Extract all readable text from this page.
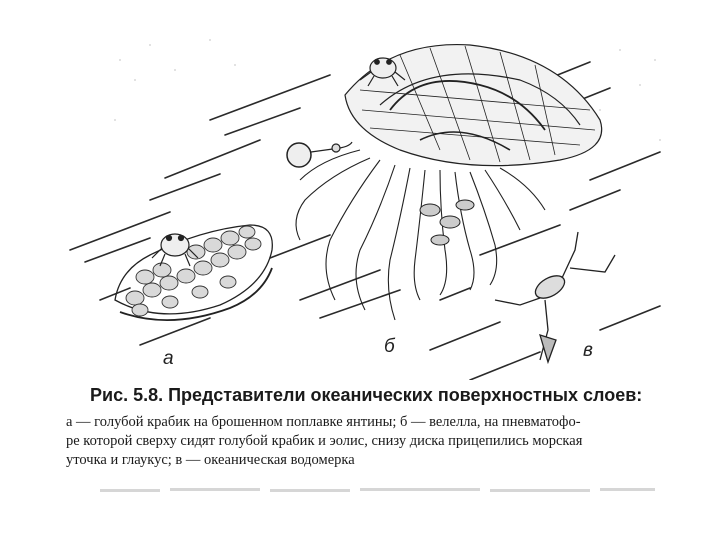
а
б	в
Рис. 5.8. Представители океанических поверхностных слоев:
а — голубой крабик на брошенном поплавке янтины; б — велелла, на пневматофо-
ре которой сверху сидят голубой крабик и эолис, снизу диска прицепились морская
уточка и глаукус; в — океаническая водомерка
